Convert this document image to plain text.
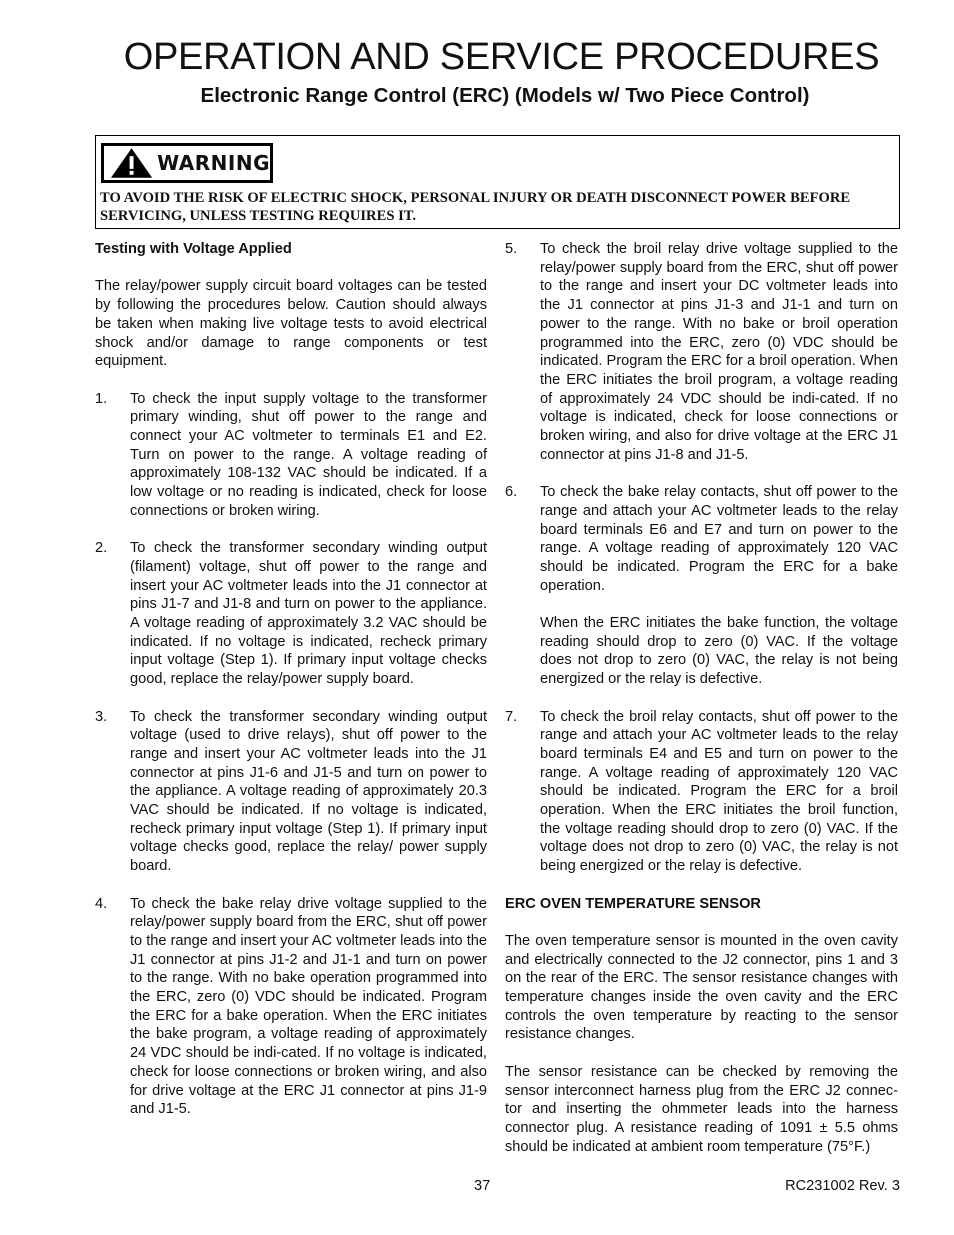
OPERATION AND SERVICE PROCEDURES
Electronic Range Control (ERC) (Models w/ Two Piece Control)
WARNING
TO AVOID THE RISK OF ELECTRIC SHOCK, PERSONAL INJURY OR DEATH DISCONNECT POWER BEFORE SERVICING, UNLESS TESTING REQUIRES IT.
Testing with Voltage Applied

The relay/power supply circuit board voltages can be tested by following the procedures below. Caution should always be taken when making live voltage tests to avoid electrical shock and/or damage to range components or test equipment.

1.	To check the input supply voltage to the transformer primary winding, shut off power to the range and connect your AC voltmeter to terminals E1 and E2. Turn on power to the range. A voltage reading of approximately 108-132 VAC should be indicated. If a low voltage or no reading is indicated, check for loose connections or broken wiring.
2.	To check the transformer secondary winding output (filament) voltage, shut off power to the range and insert your AC voltmeter leads into the J1 connector at pins J1-7 and J1-8 and turn on power to the appliance. A voltage reading of approximately 3.2 VAC should be indicated. If no voltage is indicated, recheck primary input voltage (Step 1). If primary input voltage checks good, replace the relay/power supply board.
3.	To check the transformer secondary winding output voltage (used to drive relays), shut off power to the range and insert your AC voltmeter leads into the J1 connector at pins J1-6 and J1-5 and turn on power to the appliance. A voltage reading of approximately 20.3 VAC should be indicated. If no voltage is indicated, recheck primary input voltage (Step 1). If primary input voltage checks good, replace the relay/ power supply board.
4.	To check the bake relay drive voltage supplied to the relay/power supply board from the ERC, shut off power to the range and insert your AC voltmeter leads into the J1 connector at pins J1-2 and J1-1 and turn on power to the range. With no bake operation programmed into the ERC, zero (0) VDC should be indicated. Program the ERC for a bake operation. When the ERC initiates the bake program, a voltage reading of approximately 24 VDC should be indi-cated. If no voltage is indicated, check for loose connections or broken wiring, and also for drive voltage at the ERC J1 connector at pins J1-9 and J1-5.
5.	To check the broil relay drive voltage supplied to the relay/power supply board from the ERC, shut off power to the range and insert your DC voltmeter leads into the J1 connector at pins J1-3 and J1-1 and turn on power to the range. With no bake or broil operation programmed into the ERC, zero (0) VDC should be indicated. Program the ERC for a broil operation. When the ERC initiates the broil program, a voltage reading of approximately 24 VDC should be indi-cated. If no voltage is indicated, check for loose connections or broken wiring, and also for drive voltage at the ERC J1 connector at pins J1-8 and J1-5.
6.	To check the bake relay contacts, shut off power to the range and attach your AC voltmeter leads to the relay board terminals E6 and E7 and turn on power to the range. A voltage reading of approximately 120 VAC should be indicated. Program the ERC for a bake operation.
When the ERC initiates the bake function, the voltage reading should drop to zero (0) VAC. If the voltage does not drop to zero (0) VAC, the relay is not being energized or the relay is defective.
7.	To check the broil relay contacts, shut off power to the range and attach your AC voltmeter leads to the relay board terminals E4 and E5 and turn on power to the range. A voltage reading of approximately 120 VAC should be indicated. Program the ERC for a broil operation. When the ERC initiates the broil function, the voltage reading should drop to zero (0) VAC. If the voltage does not drop to zero (0) VAC, the relay is not being energized or the relay is defective.
ERC OVEN TEMPERATURE SENSOR

The oven temperature sensor is mounted in the oven cavity and electrically connected to the J2 connector, pins 1 and 3 on the rear of the ERC. The sensor resistance changes with temperature changes inside the oven cavity and the ERC controls the oven temperature by reacting to the sensor resistance changes.

The sensor resistance can be checked by removing the sensor interconnect harness plug from the ERC J2 connec-tor and inserting the ohmmeter leads into the harness connector plug. A resistance reading of 1091 ± 5.5 ohms should be indicated at ambient room temperature (75°F.)

37	RC231002 Rev. 3
